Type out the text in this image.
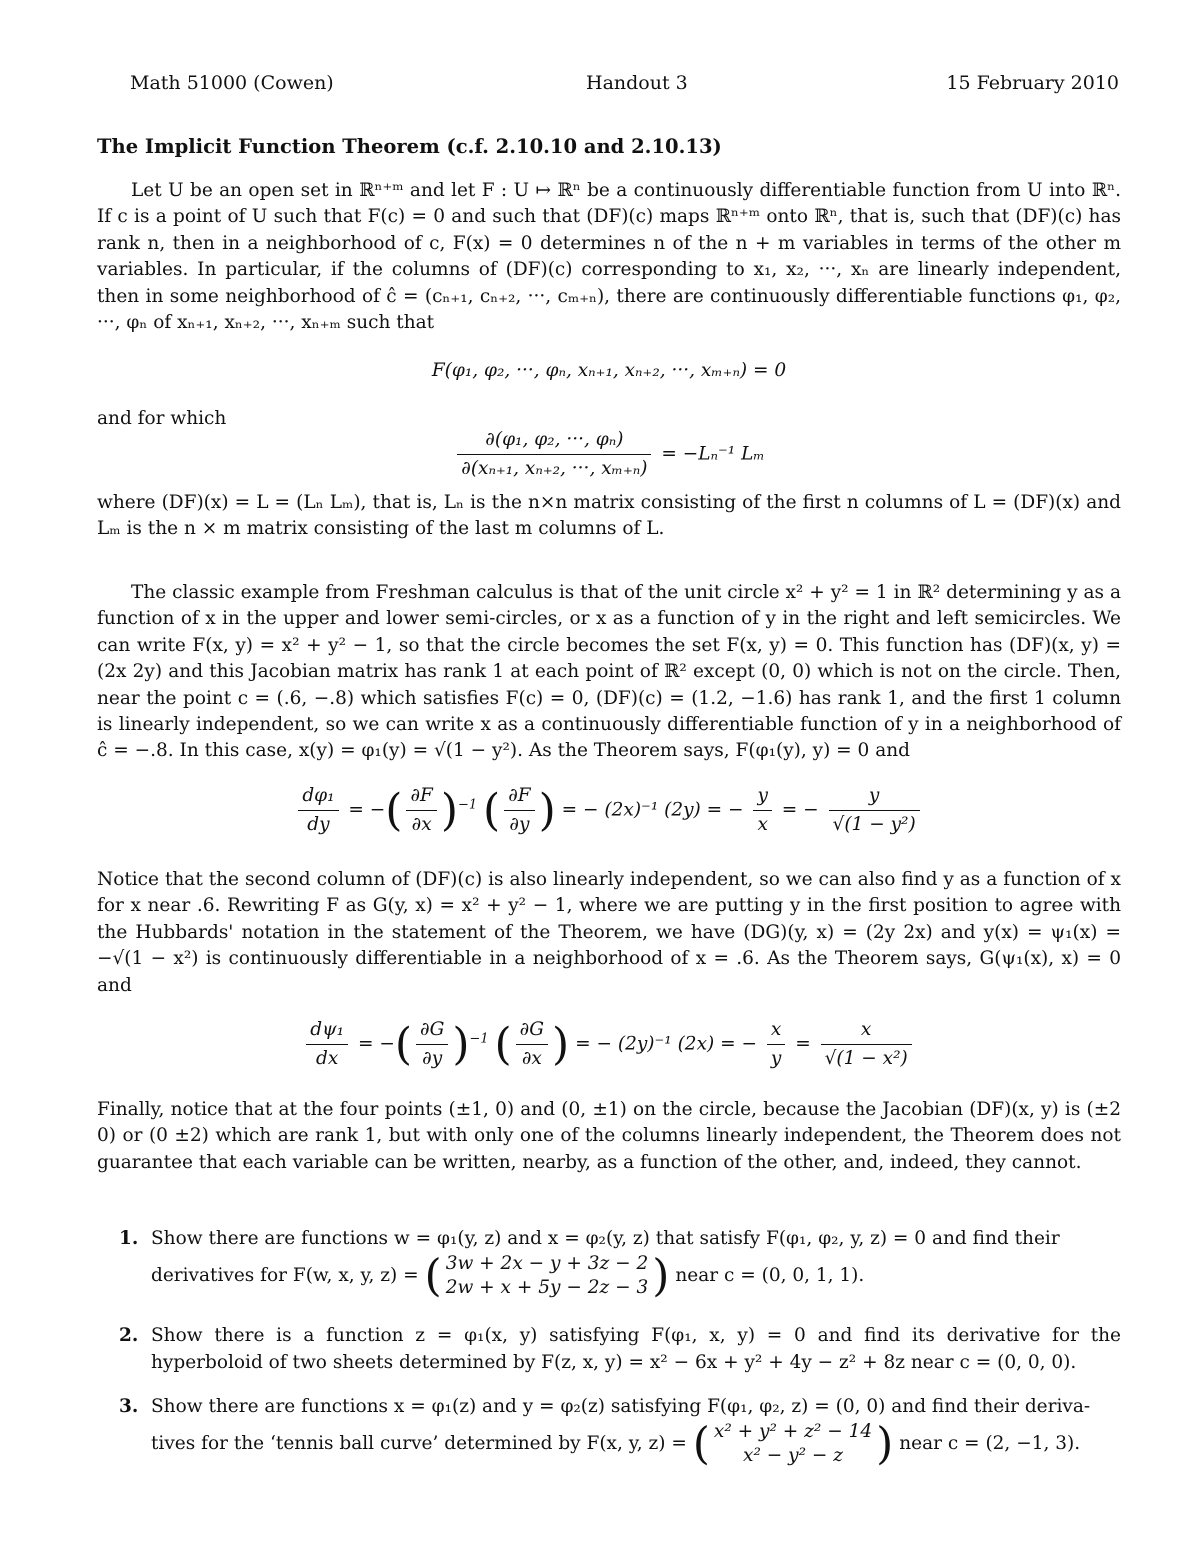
Math 51000 (Cowen)	Handout 3	15 February 2010
The Implicit Function Theorem (c.f. 2.10.10 and 2.10.13)
Let U be an open set in ℝⁿ⁺ᵐ and let F : U ↦ ℝⁿ be a continuously differentiable function from U into ℝⁿ. If c is a point of U such that F(c) = 0 and such that (DF)(c) maps ℝⁿ⁺ᵐ onto ℝⁿ, that is, such that (DF)(c) has rank n, then in a neighborhood of c, F(x) = 0 determines n of the n + m variables in terms of the other m variables. In particular, if the columns of (DF)(c) corresponding to x₁, x₂, ···, xₙ are linearly independent, then in some neighborhood of ĉ = (cₙ₊₁, cₙ₊₂, ···, cₘ₊ₙ), there are continuously differentiable functions φ₁, φ₂, ···, φₙ of xₙ₊₁, xₙ₊₂, ···, xₙ₊ₘ such that
F(φ₁, φ₂, ···, φₙ, xₙ₊₁, xₙ₊₂, ···, xₘ₊ₙ) = 0
and for which
$\frac{\text{∂(φ₁, φ₂, ···, φₙ)}}{\text{∂(xₙ₊₁, xₙ₊₂, ···, xₘ₊ₙ)}} = -L_n^{-1}$ Lₘ
where (DF)(x) = L = (Lₙ Lₘ), that is, Lₙ is the n×n matrix consisting of the first n columns of L = (DF)(x) and Lₘ is the n × m matrix consisting of the last m columns of L.
The classic example from Freshman calculus is that of the unit circle x² + y² = 1 in ℝ² determining y as a function of x in the upper and lower semi-circles, or x as a function of y in the right and left semicircles. We can write F(x, y) = x² + y² − 1, so that the circle becomes the set F(x, y) = 0. This function has (DF)(x, y) = (2x 2y) and this Jacobian matrix has rank 1 at each point of ℝ² except (0, 0) which is not on the circle. Then, near the point c = (.6, −.8) which satisfies F(c) = 0, (DF)(c) = (1.2, −1.6) has rank 1, and the first 1 column is linearly independent, so we can write x as a continuously differentiable function of y in a neighborhood of ĉ = −.8. In this case, x(y) = φ₁(y) = √(1 − y²). As the Theorem says, F(φ₁(y), y) = 0 and
$\frac{\text{dφ₁}}{dy}$ = −( $\frac{\partial F}{\partial x} )^{-1}$ ( $\frac{\partial F}{\partial y}$ ) = − (2x)⁻¹ (2y) = − $\frac{y}{x}$ = − $\frac{y}{\text{√(1 − y²)}}$
Notice that the second column of (DF)(c) is also linearly independent, so we can also find y as a function of x for x near .6. Rewriting F as G(y, x) = x² + y² − 1, where we are putting y in the first position to agree with the Hubbards' notation in the statement of the Theorem, we have (DG)(y, x) = (2y 2x) and y(x) = ψ₁(x) = −√(1 − x²) is continuously differentiable in a neighborhood of x = .6. As the Theorem says, G(ψ₁(x), x) = 0 and
$\frac{\text{dψ₁}}{dx}$ = −( $\frac{\partial G}{\partial y} )^{-1}$ ( $\frac{\partial G}{\partial x}$ ) = − (2y)⁻¹ (2x) = − $\frac{x}{y} = \frac{x}{\text{√(1 − x²)}}$
Finally, notice that at the four points (±1, 0) and (0, ±1) on the circle, because the Jacobian (DF)(x, y) is (±2 0) or (0 ±2) which are rank 1, but with only one of the columns linearly independent, the Theorem does not guarantee that each variable can be written, nearby, as a function of the other, and, indeed, they cannot.
1. Show there are functions w = φ₁(y, z) and x = φ₂(y, z) that satisfy F(φ₁, φ₂, y, z) = 0 and find their
derivatives for F(w, x, y, z) = ( 3w + 2x − y + 3z − 2
2w + x + 5y − 2z − 3 ) near c = (0, 0, 1, 1).
2. Show there is a function z = φ₁(x, y) satisfying F(φ₁, x, y) = 0 and find its derivative for the hyperboloid of two sheets determined by F(z, x, y) = x² − 6x + y² + 4y − z² + 8z near c = (0, 0, 0).
3. Show there are functions x = φ₁(z) and y = φ₂(z) satisfying F(φ₁, φ₂, z) = (0, 0) and find their deriva-
tives for the ‘tennis ball curve’ determined by F(x, y, z) = ( x² + y² + z² − 14
x² − y² − z ) near c = (2, −1, 3).
